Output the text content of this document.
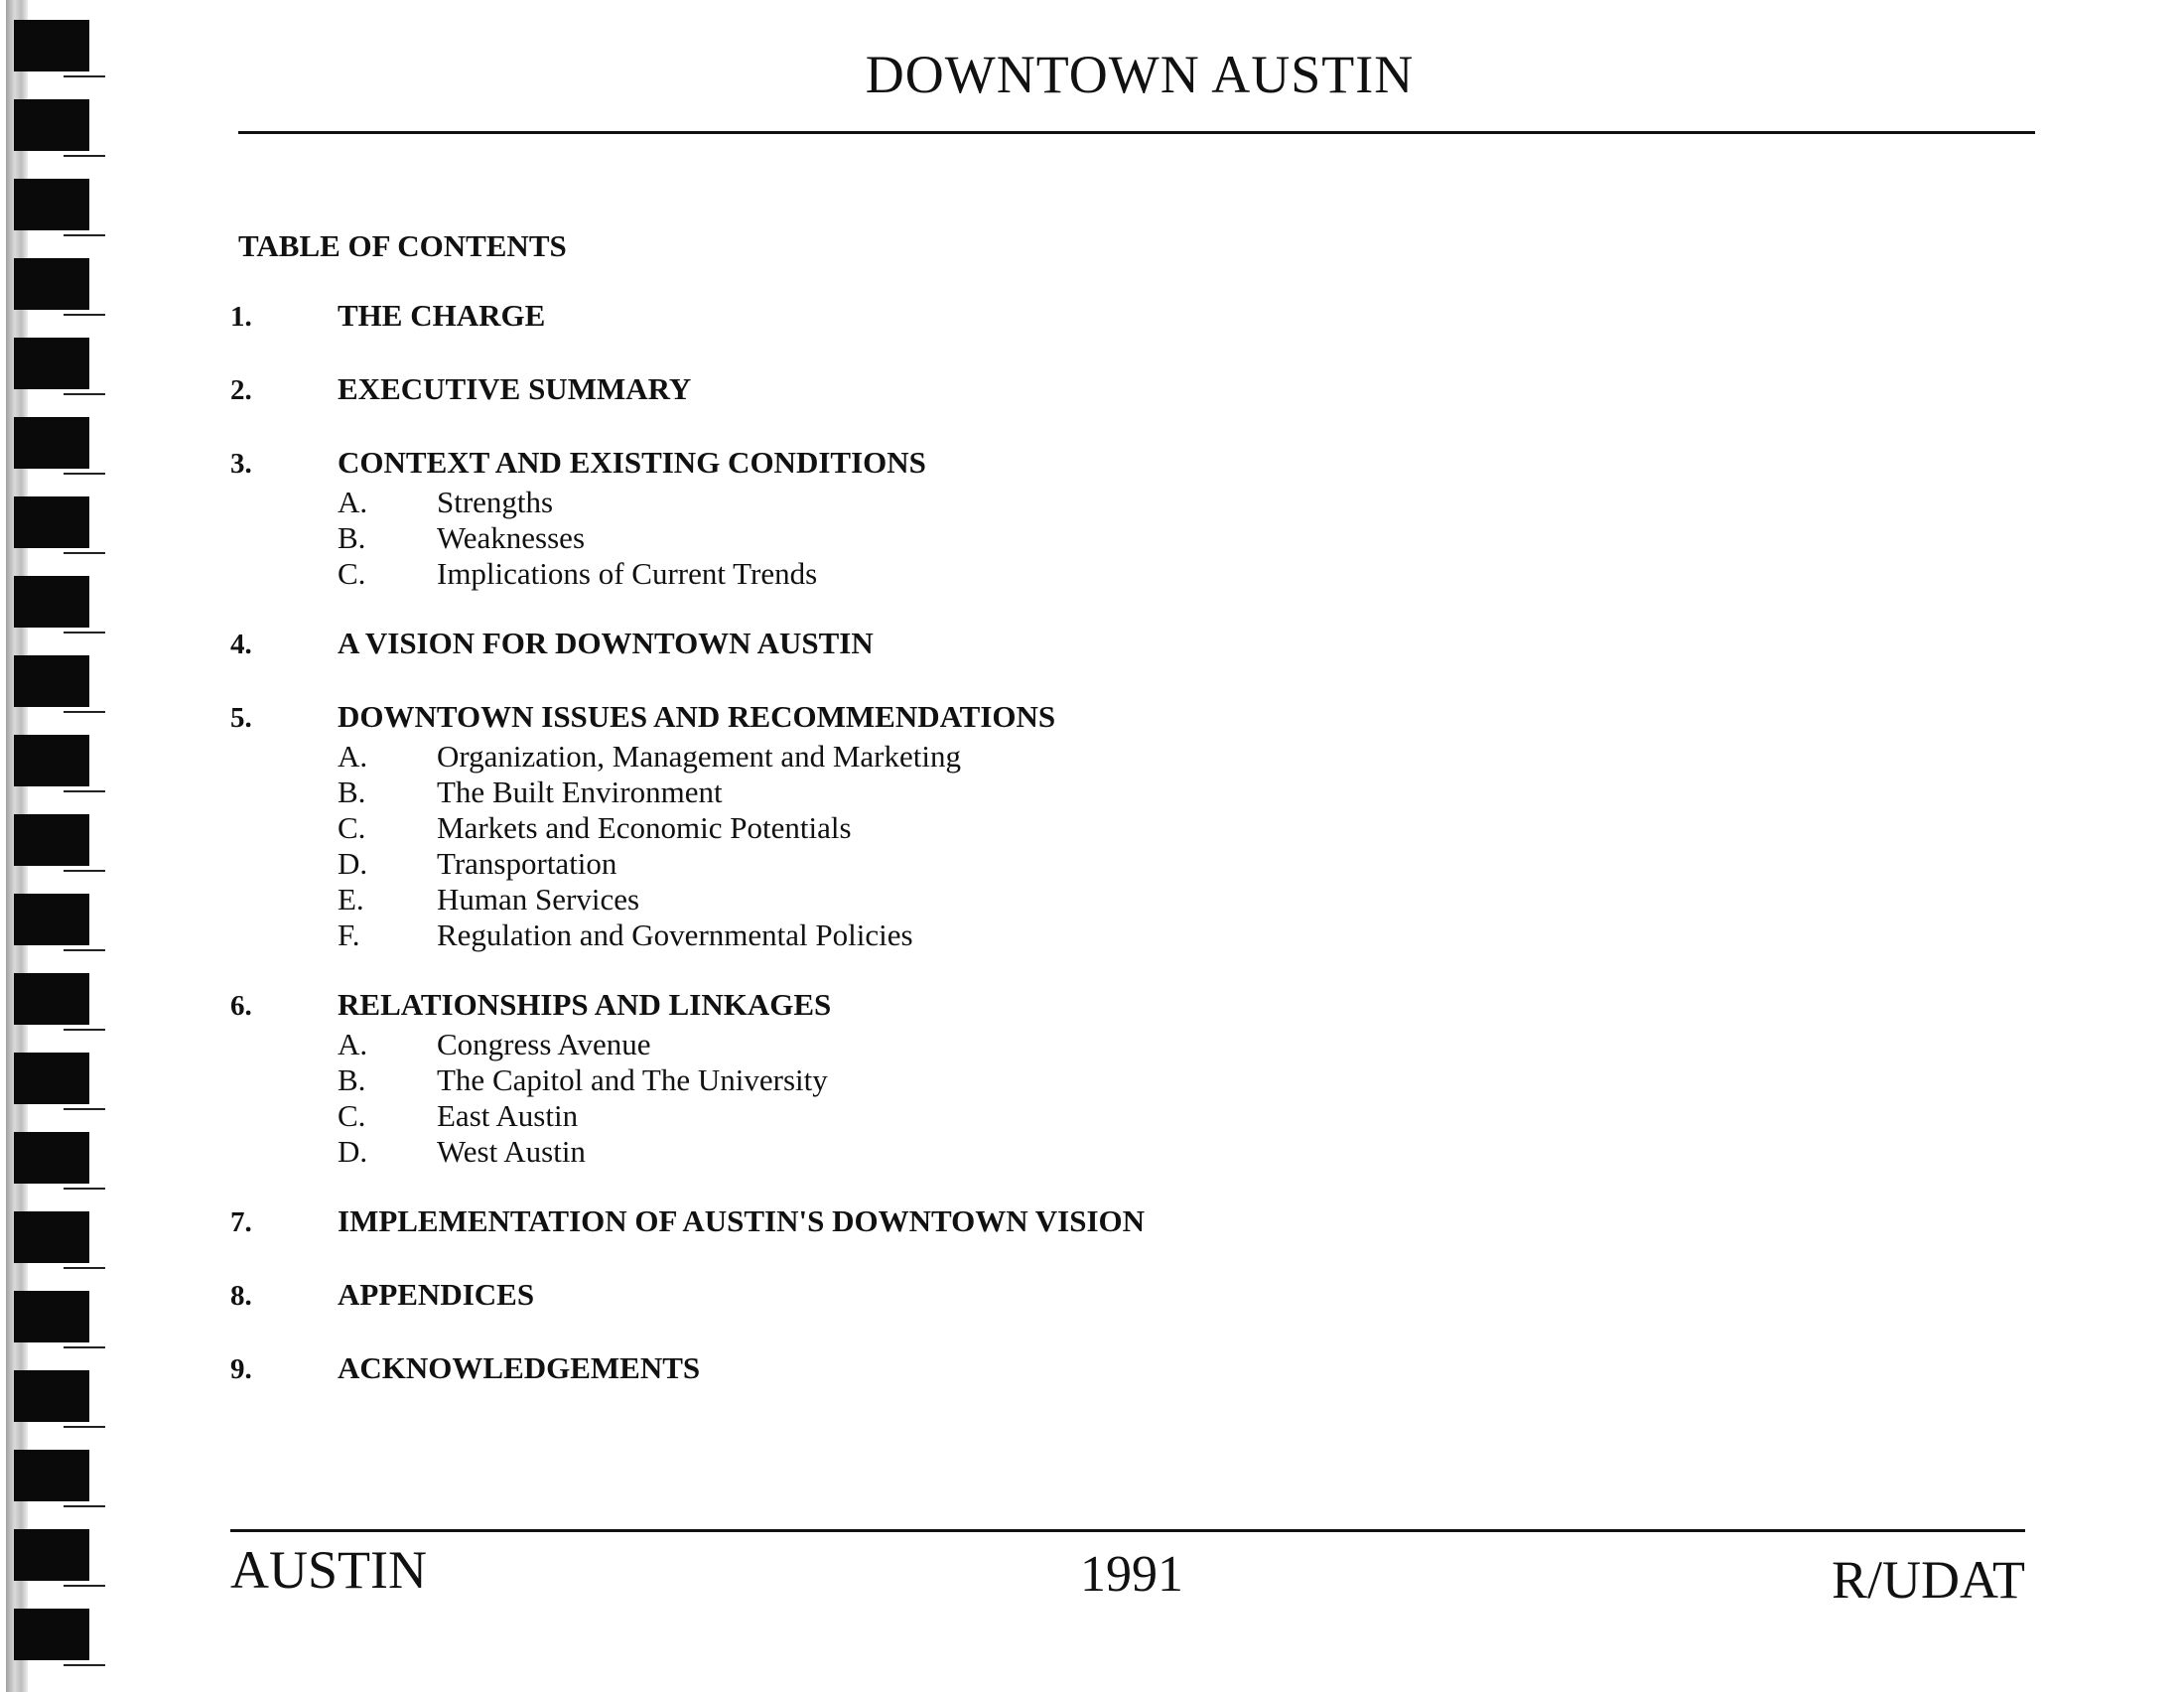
DOWNTOWN AUSTIN
TABLE OF CONTENTS
1.	THE CHARGE
2.	EXECUTIVE SUMMARY
3.	CONTEXT AND EXISTING CONDITIONS
A.	Strengths
B.	Weaknesses
C.	Implications of Current Trends
4.	A VISION FOR DOWNTOWN AUSTIN
5.	DOWNTOWN ISSUES AND RECOMMENDATIONS
A.	Organization, Management and Marketing
B.	The Built Environment
C.	Markets and Economic Potentials
D.	Transportation
E.	Human Services
F.	Regulation and Governmental Policies
6.	RELATIONSHIPS AND LINKAGES
A.	Congress Avenue
B.	The Capitol and The University
C.	East Austin
D.	West Austin
7.	IMPLEMENTATION OF AUSTIN'S DOWNTOWN VISION
8.	APPENDICES
9.	ACKNOWLEDGEMENTS
AUSTIN	1991	R/UDAT
